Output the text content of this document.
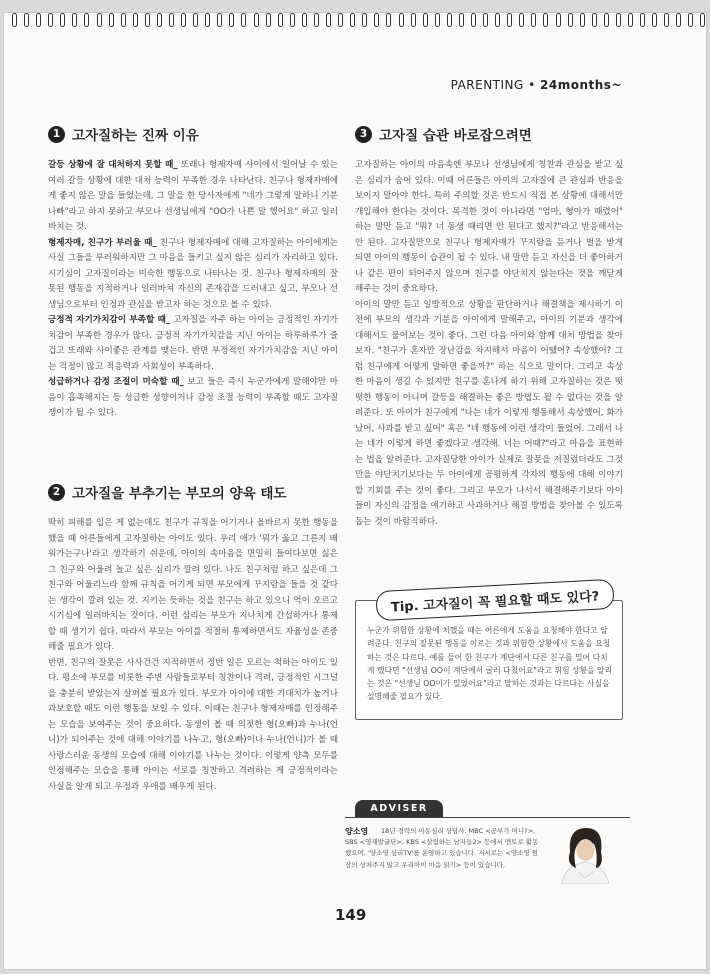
PARENTING • 24months~
1 고자질하는 진짜 이유

갈등 상황에 잘 대처하지 못할 때_ 또래나 형제자매 사이에서 일어날 수 있는 여러 갈등 상황에 대한 대처 능력이 부족한 경우 나타난다. 친구나 형제자매에게 좋지 않은 말을 들었는데, 그 말을 한 당사자에게 "네가 그렇게 말하니 기분 나빠"라고 하지 못하고 부모나 선생님에게 "OO가 나쁜 말 했어요" 하고 일러바치는 것.

형제자매, 친구가 부러울 때_ 친구나 형제자매에 대해 고자질하는 아이에게는 사실 그들을 부러워하지만 그 마음을 들키고 싶지 않은 심리가 자리하고 있다. 시기심이 고자질이라는 미숙한 행동으로 나타나는 것. 친구나 형제자매의 잘못된 행동을 지적하거나 일러바쳐 자신의 존재감을 드러내고 싶고, 부모나 선생님으로부터 인정과 관심을 받고자 하는 것으로 볼 수 있다.

긍정적 자기가치감이 부족할 때_ 고자질을 자주 하는 아이는 긍정적인 자기가치감이 부족한 경우가 많다. 긍정적 자기가치감을 지닌 아이는 하루하루가 즐겁고 또래와 사이좋은 관계를 맺는다. 반면 부정적인 자기가치감을 지닌 아이는 걱정이 많고 적응력과 사회성이 부족하다.

성급하거나 감정 조절이 미숙할 때_ 보고 들은 즉시 누군가에게 말해야만 마음이 흡족해지는 등 성급한 성향이거나 감정 조절 능력이 부족할 때도 고자질쟁이가 될 수 있다.

2 고자질을 부추기는 부모의 양육 태도

딱히 피해를 입은 게 없는데도 친구가 규칙을 어기거나 올바르지 못한 행동을 했을 때 어른들에게 고자질하는 아이도 있다. 우리 애가 '뭐가 옳고 그른지 배워가는구나'라고 생각하기 쉬운데, 아이의 속마음을 면밀히 들여다보면 싫은 그 친구와 어울려 놀고 싶은 심리가 깔려 있다. 나도 친구처럼 하고 싶은데 그 친구와 어울리느라 함께 규칙을 어기게 되면 부모에게 꾸지람을 들을 것 같다는 생각이 깔려 있는 것. 지키는 듯하는 것을 친구는 하고 있으니 억이 오르고 시기심에 일러바치는 것이다. 이런 심리는 부모가 지나치게 간섭하거나 통제할 때 생기기 쉽다. 따라서 부모는 아이를 적절히 통제하면서도 자율성을 존중해줄 필요가 있다.

반면, 친구의 잘못은 사사건건 지적하면서 정반 일은 모르는 척하는 아이도 있다. 평소에 부모를 비롯한 주변 사람들로부터 칭찬이나 격려, 긍정적인 시그널을 충분히 받았는지 살펴볼 필요가 있다. 부모가 아이에 대한 기대치가 높거나 과보호할 때도 이런 행동을 보일 수 있다. 이때는 친구나 형제자매를 인정해주는 모습을 보여주는 것이 중요하다. 동생이 볼 때 의젓한 형(오빠)과 누나(언니)가 되어주는 것에 대해 이야기를 나누고, 형(오빠)이나 누나(언니)가 볼 때 사랑스러운 동생의 모습에 대해 이야기를 나누는 것이다. 이렇게 양측 모두를 인정해주는 모습을 통해 아이는 서로를 칭찬하고 격려하는 게 긍정적이라는 사실을 알게 되고 우정과 우애를 배우게 된다.

3 고자질 습관 바로잡으려면

고자질하는 아이의 마음속엔 부모나 선생님에게 칭찬과 관심을 받고 싶은 심리가 숨어 있다. 이때 어른들은 아이의 고자질에 큰 관심과 반응을 보이지 말아야 한다. 특히 주의할 것은 반드시 직접 본 상황에 대해서만 개입해야 한다는 것이다. 목격한 것이 아니라면 "엄마, 형아가 때렸어" 하는 말만 듣고 "뭐? 너 동생 때리면 안 된다고 했지?"라고 반응해서는 안 된다. 고자질만으로 친구나 형제자매가 꾸지람을 듣거나 벌을 받게 되면 아이의 행동이 습관이 될 수 있다. 내 말만 듣고 자신을 더 좋아하거나 같은 편이 되어주지 않으며 친구를 야단치지 않는다는 것을 깨닫게 해주는 것이 중요하다.

아이의 말만 듣고 일방적으로 상황을 판단하거나 해결책을 제시하기 이전에 부모의 생각과 기분을 아이에게 말해주고, 아이의 기분과 생각에 대해서도 물어보는 것이 좋다. 그런 다음 아이와 함께 대처 방법을 찾아보자. "친구가 혼자만 장난감을 차지해서 마음이 어땠어? 속상했어? 그럼 친구에게 어떻게 말하면 좋을까?" 하는 식으로 말이다. 그리고 속상한 마음이 생길 수 있지만 친구를 혼나게 하기 위해 고자질하는 것은 떳떳한 행동이 아니며 갈등을 해결하는 좋은 방법도 될 수 없다는 것을 알려준다. 또 아이가 친구에게 "나는 네가 이렇게 행동해서 속상했어, 화가 났어, 사과를 받고 싶어" 혹은 "네 행동에 이런 생각이 들었어. 그래서 나는 네가 이렇게 하면 좋겠다고 생각해. 너는 어때?"라고 마음을 표현하는 법을 알려준다. 고자질당한 아이가 실제로 잘못을 저질렀더라도 그것만을 야단치기보다는 두 아이에게 공평하게 각자의 행동에 대해 이야기할 기회를 주는 것이 좋다. 그리고 부모가 나서서 해결해주기보다 아이들이 자신의 감정을 얘기하고 사과하거나 해결 방법을 찾아볼 수 있도록 돕는 것이 바람직하다.

Tip. 고자질이 꼭 필요할 때도 있다?
누군가 위험한 상황에 처했을 때는 어른에게 도움을 요청해야 한다고 알려준다. 친구의 잘못된 행동을 이르는 것과 위험한 상황에서 도움을 요청하는 것은 다르다. 예를 들어 한 친구가 계단에서 다른 친구를 밀어 다치게 했다면 "선생님 OO이 계단에서 굴러 다쳤어요"라고 위험 상황을 알리는 것은 "선생님 OO이가 밀었어요"라고 말하는 것과는 다르다는 사실을 설명해줄 필요가 있다.
ADVISER
18년 경력의 아동심리 상담사. MBC <공부가 머니?>, SBS <영재발굴단>, KBS <살림하는 남자들2> 등에서 멘토로 활동했으며, '양소영 심리TV'를 운영하고 있습니다. 저서로는 <양소영 원장의 상처주지 않고 우리아이 마음 읽기> 등이 있습니다.
양소영
149
